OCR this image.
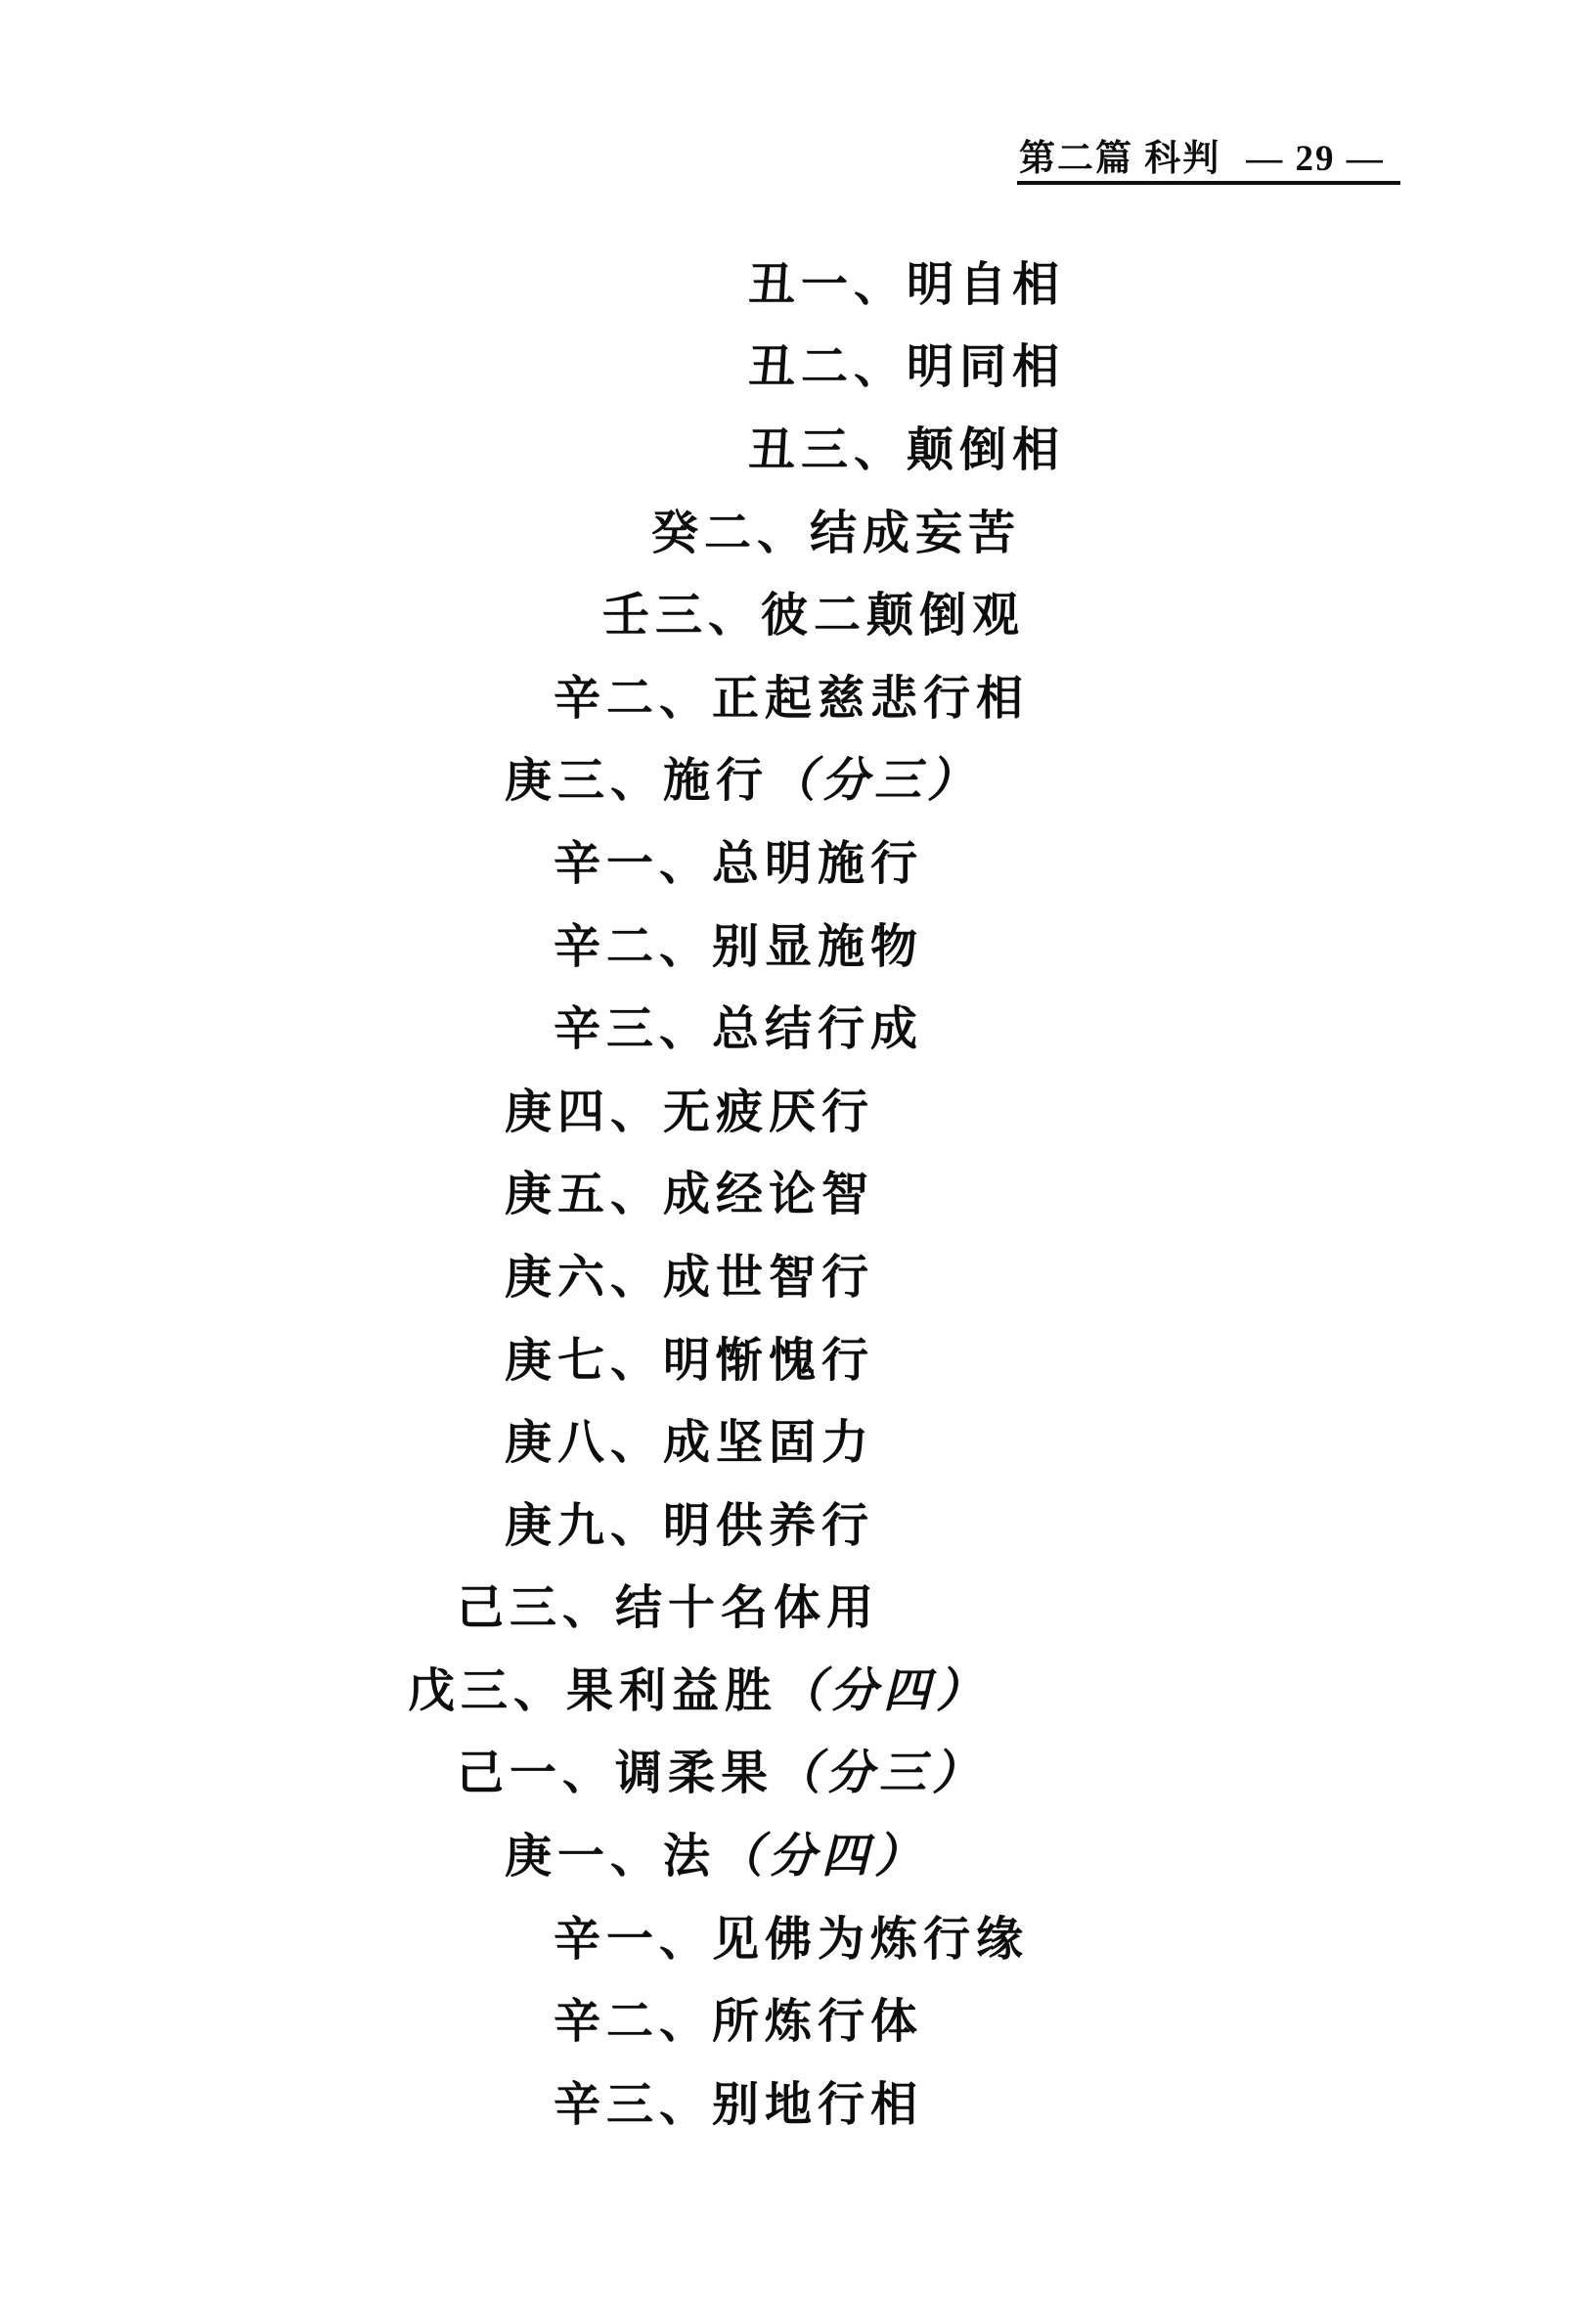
第二篇 科判 — 29 —
丑一、明自相
丑二、明同相
丑三、颠倒相
癸二、结成妄苦
壬三、彼二颠倒观
辛二、正起慈悲行相
庚三、施行 （分三）
辛一、总明施行
辛二、别显施物
辛三、总结行成
庚四、无疲厌行
庚五、成经论智
庚六、成世智行
庚七、明惭愧行
庚八、成坚固力
庚九、明供养行
己三、结十名体用
戊三、果利益胜 （分四）
己一、调柔果 （分三）
庚一、法 （分四）
辛一、见佛为炼行缘
辛二、所炼行体
辛三、别地行相
